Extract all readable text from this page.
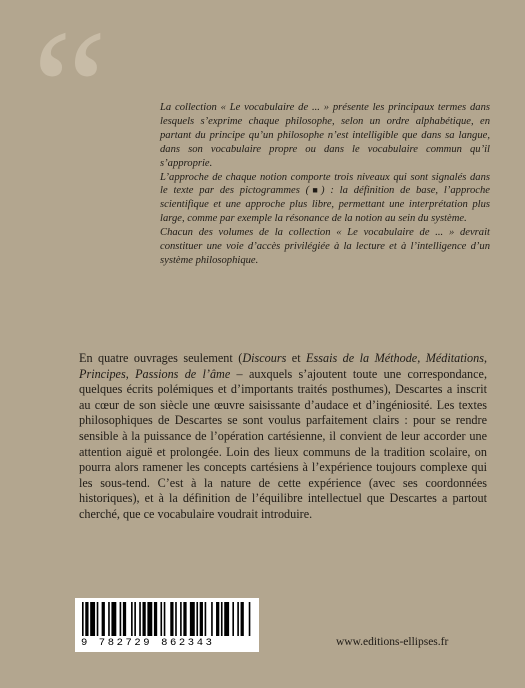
“	La collection « Le vocabulaire de ... » présente les principaux termes dans lesquels s’exprime chaque philosophe, selon un ordre alphabétique, en partant du principe qu’un philosophe n’est intelligible que dans sa langue, dans son vocabulaire propre ou dans le vocabulaire commun qu’il s’approprie.

L’approche de chaque notion comporte trois niveaux qui sont signalés dans le texte par des pictogrammes (■) : la définition de base, l’approche scientifique et une approche plus libre, permettant une interprétation plus large, comme par exemple la résonance de la notion au sein du système.

Chacun des volumes de la collection « Le vocabulaire de ... » devrait constituer une voie d’accès privilégiée à la lecture et à l’intelligence d’un système philosophique.

En quatre ouvrages seulement (Discours et Essais de la Méthode, Méditations, Principes, Passions de l’âme – auxquels s’ajoutent toute une correspondance, quelques écrits polémiques et d’importants traités posthumes), Descartes a inscrit au cœur de son siècle une œuvre saisissante d’audace et d’ingéniosité. Les textes philosophiques de Descartes se sont voulus parfaitement clairs : pour se rendre sensible à la puissance de l’opération cartésienne, il convient de leur accorder une attention aiguë et prolongée. Loin des lieux communs de la tradition scolaire, on pourra alors ramener les concepts cartésiens à l’expérience toujours complexe qui les sous-tend. C’est à la nature de cette expérience (avec ses coordonnées historiques), et à la définition de l’équilibre intellectuel que Descartes a partout cherché, que ce vocabulaire voudrait introduire.

9 782729 862343	www.editions-ellipses.fr
